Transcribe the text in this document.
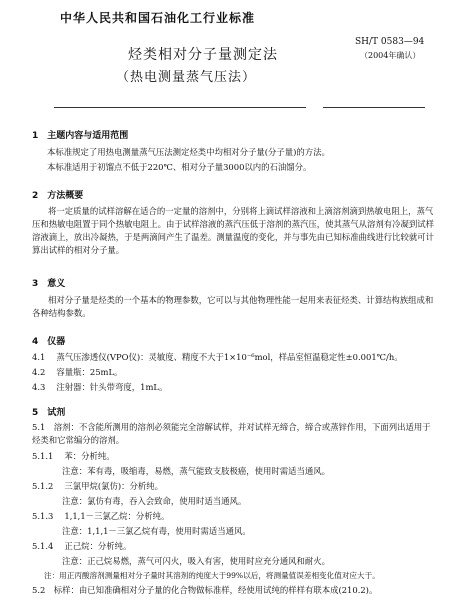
中华人民共和国石油化工行业标准
SH/T 0583—94
（2004年确认）
烃类相对分子量测定法
（热电测量蒸气压法）
1　主题内容与适用范围
本标准规定了用热电测量蒸气压法测定烃类中均相对分子量(分子量)的方法。
本标准适用于初馏点不低于220℃、相对分子量3000以内的石油馏分。
2　方法概要
将一定质量的试样溶解在适合的一定量的溶剂中，分别将上滴试样溶液和上滴溶剂滴到热敏电阻上，蒸气压和热敏电阻置于同个热敏电阻上。由于试样溶液的蒸汽压低于溶剂的蒸汽压，使其蒸气从溶剂有冷凝到试样溶液滴上，放出冷凝热，于是两滴间产生了温差。测量温度的变化，并与事先由已知标准曲线进行比较就可计算出试样的相对分子量。
3　意义
相对分子量是烃类的一个基本的物理参数，它可以与其他物理性能一起用来表征烃类、计算结构族组成和各种结构参数。
4　仪器
4.1　 蒸气压渗透仪(VPO仪)：灵敏度、精度不大于1×10⁻⁶mol，样品室恒温稳定性±0.001℃/h。
4.2　 容量瓶：25mL。
4.3　 注射器：针头带弯度，1mL。
5　试剂
5.1　溶剂：不含能所测用的溶剂必须能完全溶解试样，并对试样无缔合，缔合或蒸锌作用，下面列出适用于烃类和它常编分的溶剂。
5.1.1　 苯：分析纯。
注意：苯有毒，吸缩毒，易燃，蒸气能致支肢极癌，使用时需适当通风。
5.1.2　 三氯甲烷(氯仿)：分析纯。
注意：氯仿有毒，吞入会致命，使用时适当通风。
5.1.3　 1,1,1－三氯乙烷：分析纯。
注意：1,1,1－三氯乙烷有毒，使用时需适当通风。
5.1.4　 正己烷：分析纯。
注意：正己烷易燃，蒸气可闪火，吸入有害，使用时应充分通风和耐火。
注：用正丙酸溶剂测量相对分子量时其溶剂的纯度大于99%以后，将测量值误差相变化值对应大于。
5.2　标样：由已知准确相对分子量的化合物做标准样，经使用试纯的样样有联本成(210.2)。
